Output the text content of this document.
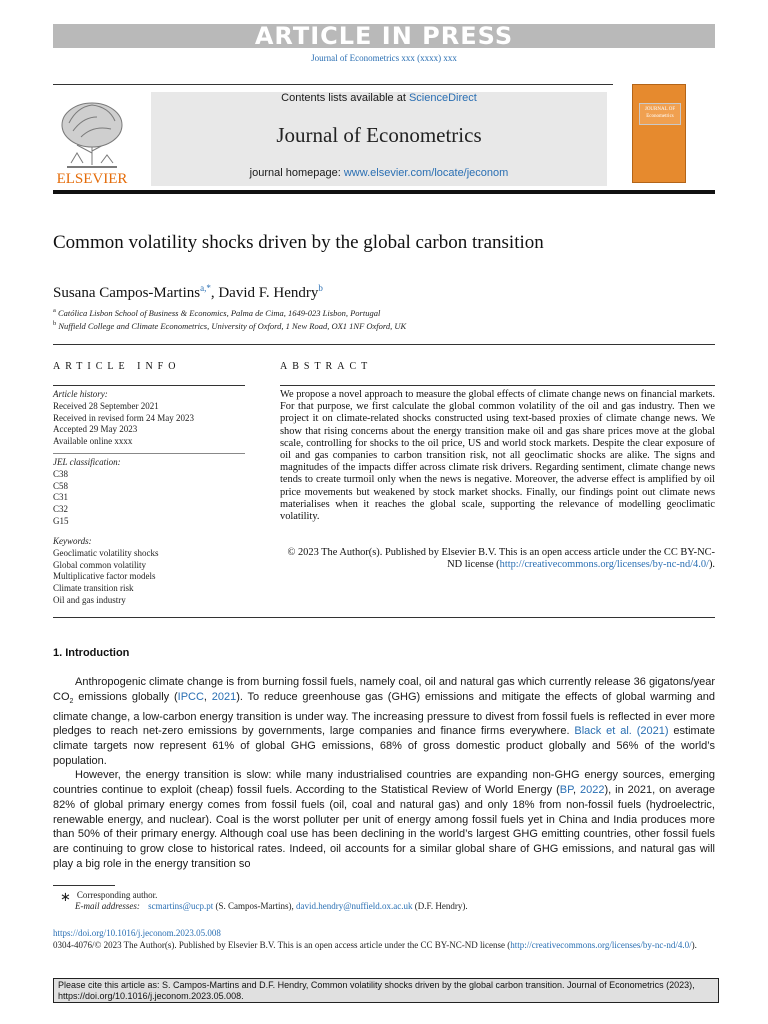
ARTICLE IN PRESS
Journal of Econometrics xxx (xxxx) xxx
ELSEVIER
Contents lists available at ScienceDirect
Journal of Econometrics
journal homepage: www.elsevier.com/locate/jeconom
JOURNAL OF Econometrics
Common volatility shocks driven by the global carbon transition
Susana Campos-Martins$^{a,*}$, David F. Hendry$^b$
$^a$ Católica Lisbon School of Business & Economics, Palma de Cima, 1649-023 Lisbon, Portugal
$^b$ Nuffield College and Climate Econometrics, University of Oxford, 1 New Road, OX1 1NF Oxford, UK
ARTICLE INFO	ABSTRACT
Article history:
Received 28 September 2021
Received in revised form 24 May 2023
Accepted 29 May 2023
Available online xxxx
JEL classification:
C38
C58
C31
C32
G15
Keywords:
Geoclimatic volatility shocks
Global common volatility
Multiplicative factor models
Climate transition risk
Oil and gas industry
We propose a novel approach to measure the global effects of climate change news on financial markets. For that purpose, we first calculate the global common volatility of the oil and gas industry. Then we project it on climate-related shocks constructed using text-based proxies of climate change news. We show that rising concerns about the energy transition make oil and gas share prices move at the global scale, controlling for shocks to the oil price, US and world stock markets. Despite the clear exposure of oil and gas companies to carbon transition risk, not all geoclimatic shocks are alike. The signs and magnitudes of the impacts differ across climate risk drivers. Regarding sentiment, climate change news tends to create turmoil only when the news is negative. Moreover, the adverse effect is amplified by oil price movements but weakened by stock market shocks. Finally, our findings point out climate news materialises when it reaches the global scale, supporting the relevance of modelling geoclimatic volatility.
© 2023 The Author(s). Published by Elsevier B.V. This is an open access article under the CC BY-NC-ND license (http://creativecommons.org/licenses/by-nc-nd/4.0/).
1. Introduction

Anthropogenic climate change is from burning fossil fuels, namely coal, oil and natural gas which currently release 36 gigatons/year $CO_2$ emissions globally (IPCC, 2021). To reduce greenhouse gas (GHG) emissions and mitigate the effects of global warming and climate change, a low-carbon energy transition is under way. The increasing pressure to divest from fossil fuels is reflected in ever more pledges to reach net-zero emissions by governments, large companies and finance firms everywhere. Black et al. (2021) estimate climate targets now represent 61% of global GHG emissions, 68% of gross domestic product globally and 56% of the world’s population.

However, the energy transition is slow: while many industrialised countries are expanding non-GHG energy sources, emerging countries continue to exploit (cheap) fossil fuels. According to the Statistical Review of World Energy (BP, 2022), in 2021, on average 82% of global primary energy comes from fossil fuels (oil, coal and natural gas) and only 18% from non-fossil fuels (hydroelectric, renewable energy, and nuclear). Coal is the worst polluter per unit of energy among fossil fuels yet in China and India produces more than 50% of their primary energy. Although coal use has been declining in the world’s largest GHG emitting countries, other fossil fuels are continuing to grow close to historical rates. Indeed, oil accounts for a similar global share of GHG emissions, and natural gas will play a big role in the energy transition so

∗ Corresponding author.
E-mail addresses: scmartins@ucp.pt (S. Campos-Martins), david.hendry@nuffield.ox.ac.uk (D.F. Hendry).
https://doi.org/10.1016/j.jeconom.2023.05.008
0304-4076/© 2023 The Author(s). Published by Elsevier B.V. This is an open access article under the CC BY-NC-ND license (http://creativecommons.org/licenses/by-nc-nd/4.0/).
Please cite this article as: S. Campos-Martins and D.F. Hendry, Common volatility shocks driven by the global carbon transition. Journal of Econometrics (2023), https://doi.org/10.1016/j.jeconom.2023.05.008.
